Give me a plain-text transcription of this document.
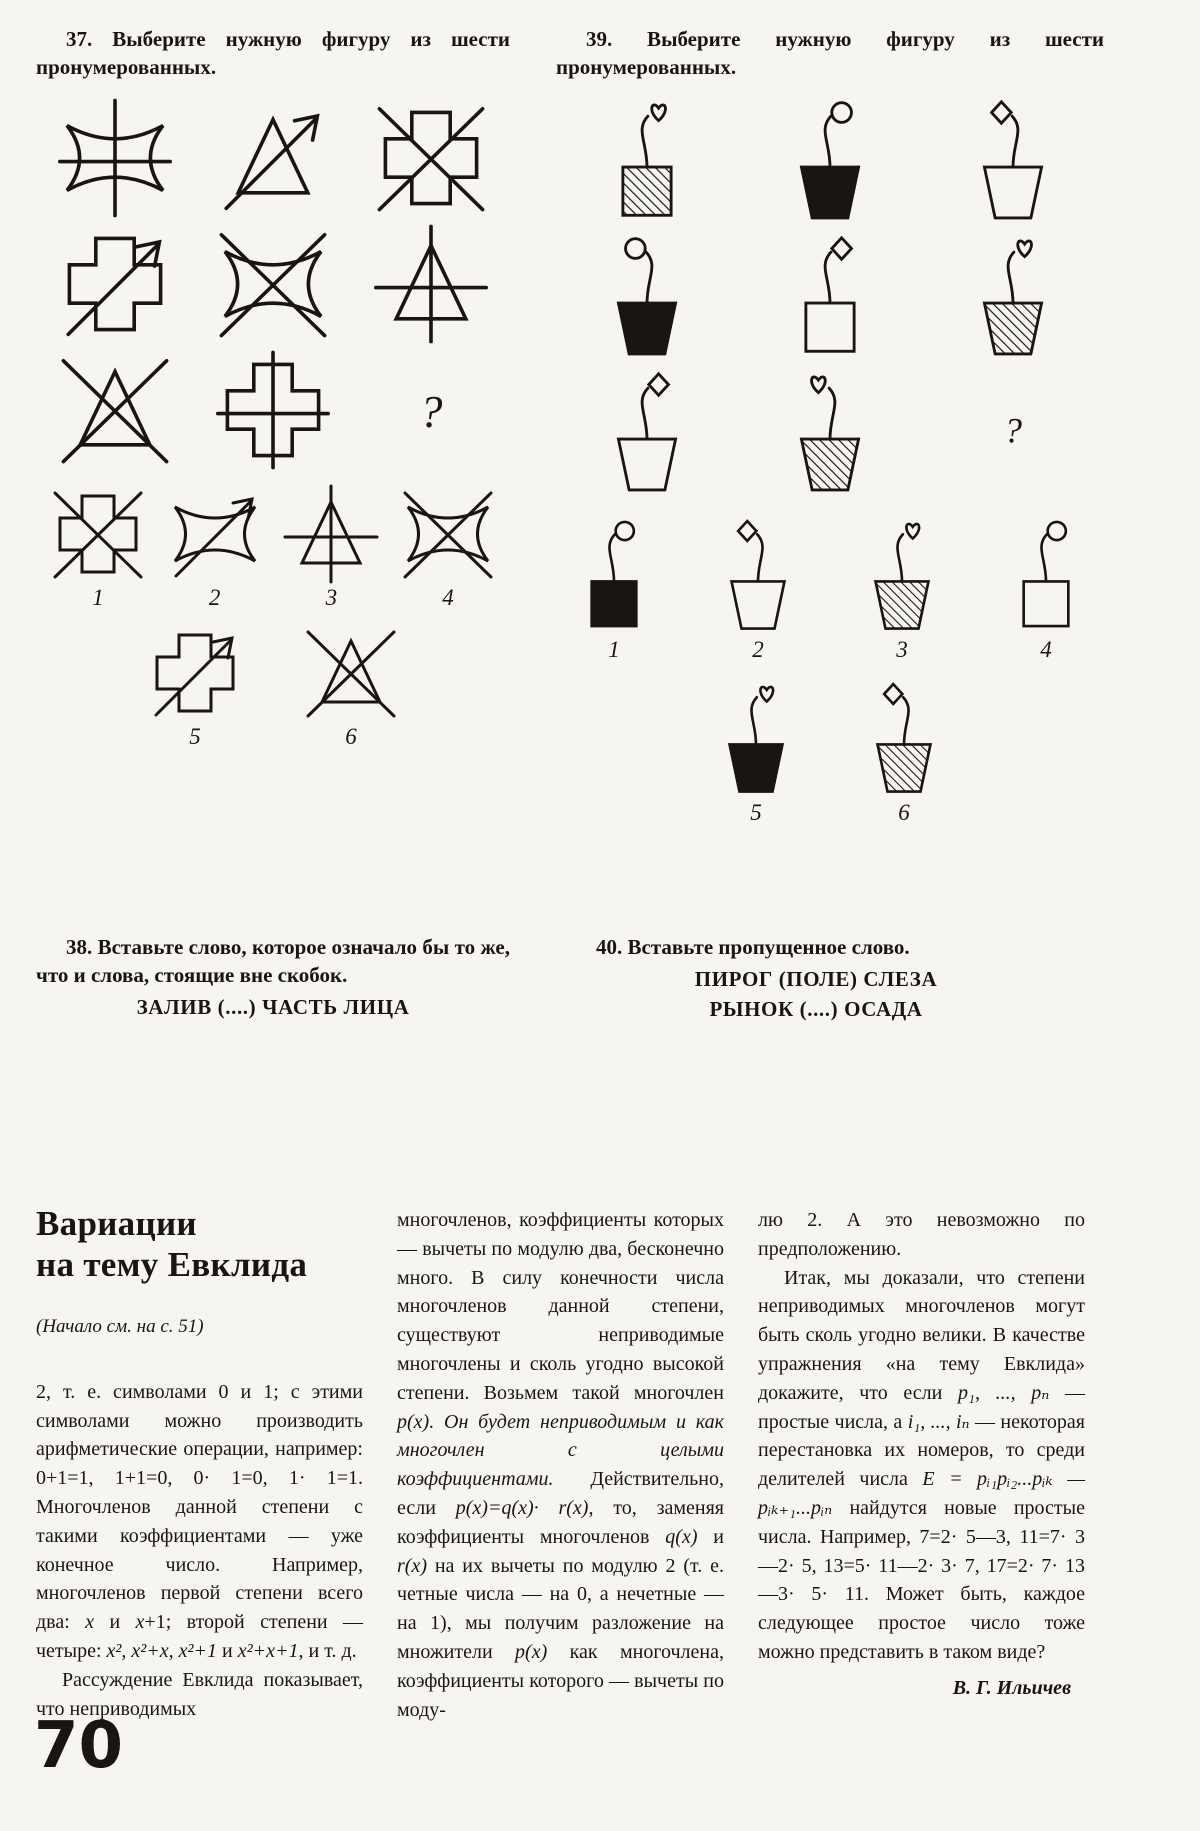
37. Выберите нужную фигуру из шести пронумерованных.

?
1	2	3	4
5	6

39. Выберите нужную фигуру из шести пронумерованных.

?
1	2	3	4
5	6

38. Вставьте слово, которое означало бы то же, что и слова, стоящие вне скобок.

ЗАЛИВ (....) ЧАСТЬ ЛИЦА

40. Вставьте пропущенное слово.

ПИРОГ (ПОЛЕ) СЛЕЗА

РЫНОК (....) ОСАДА

Вариации
на тему Евклида

(Начало см. на с. 51)

2, т. е. символами 0 и 1; с этими символами можно производить арифметические операции, например: 0+1=1, 1+1=0, 0· 1=0, 1· 1=1. Многочленов данной степени с такими коэффициентами — уже конечное число. Например, многочленов первой степени всего два: x и x+1; второй степени — четыре: x², x²+x, x²+1 и x²+x+1, и т. д.

Рассуждение Евклида показывает, что неприводимых

многочленов, коэффициенты которых — вычеты по модулю два, бесконечно много. В силу конечности числа многочленов данной степени, существуют неприводимые многочлены и сколь угодно высокой степени. Возьмем такой многочлен p(x). Он будет неприводимым и как многочлен с целыми коэффициентами. Действительно, если p(x)=q(x)· r(x), то, заменяя коэффициенты многочленов q(x) и r(x) на их вычеты по модулю 2 (т. е. четные числа — на 0, а нечетные — на 1), мы получим разложение на множители p(x) как многочлена, коэффициенты которого — вычеты по моду-

лю 2. А это невозможно по предположению.

Итак, мы доказали, что степени неприводимых многочленов могут быть сколь угодно велики. В качестве упражнения «на тему Евклида» докажите, что если p₁, ..., pₙ — простые числа, а i₁, ..., iₙ — некоторая перестановка их номеров, то среди делителей числа E = pᵢ₁pᵢ₂...pᵢₖ — pᵢₖ₊₁...pᵢₙ найдутся новые простые числа. Например, 7=2· 5—3, 11=7· 3—2· 5, 13=5· 11—2· 3· 7, 17=2· 7· 13—3· 5· 11. Может быть, каждое следующее простое число тоже можно представить в таком виде?

В. Г. Ильичев

70
